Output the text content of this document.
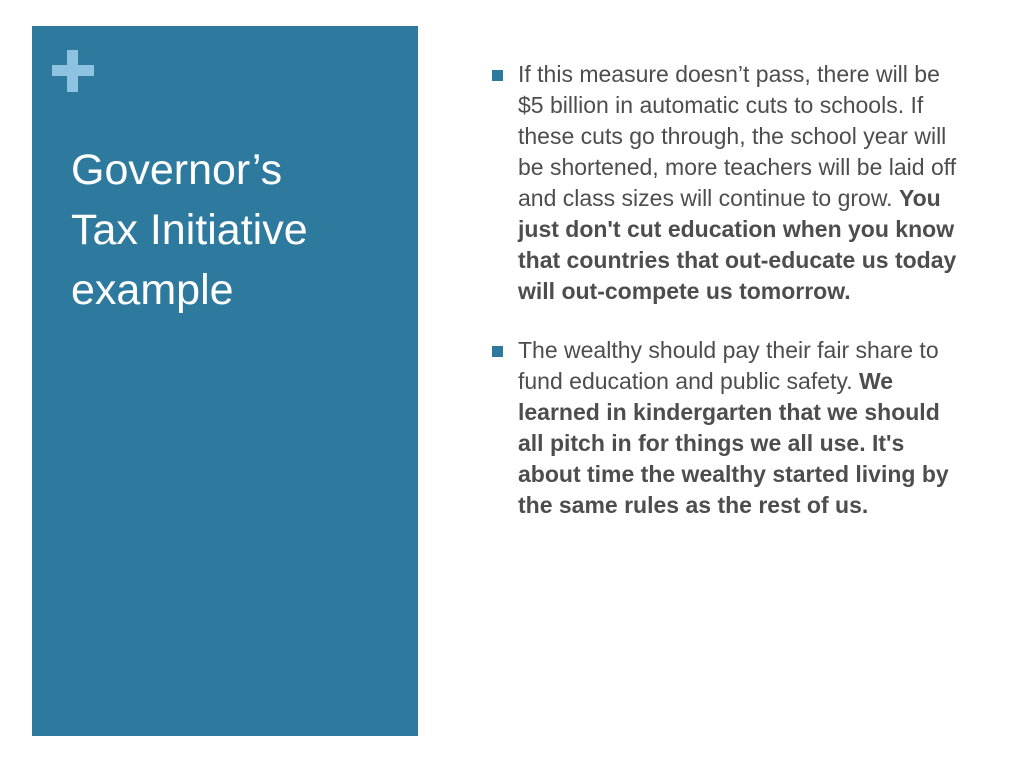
Governor’s
Tax Initiative
example
If this measure doesn’t pass, there will be $5 billion in automatic cuts to schools. If these cuts go through, the school year will be shortened, more teachers will be laid off and class sizes will continue to grow. You just don't cut education when you know that countries that out-educate us today will out-compete us tomorrow.
The wealthy should pay their fair share to fund education and public safety. We learned in kindergarten that we should all pitch in for things we all use. It's about time the wealthy started living by the same rules as the rest of us.
